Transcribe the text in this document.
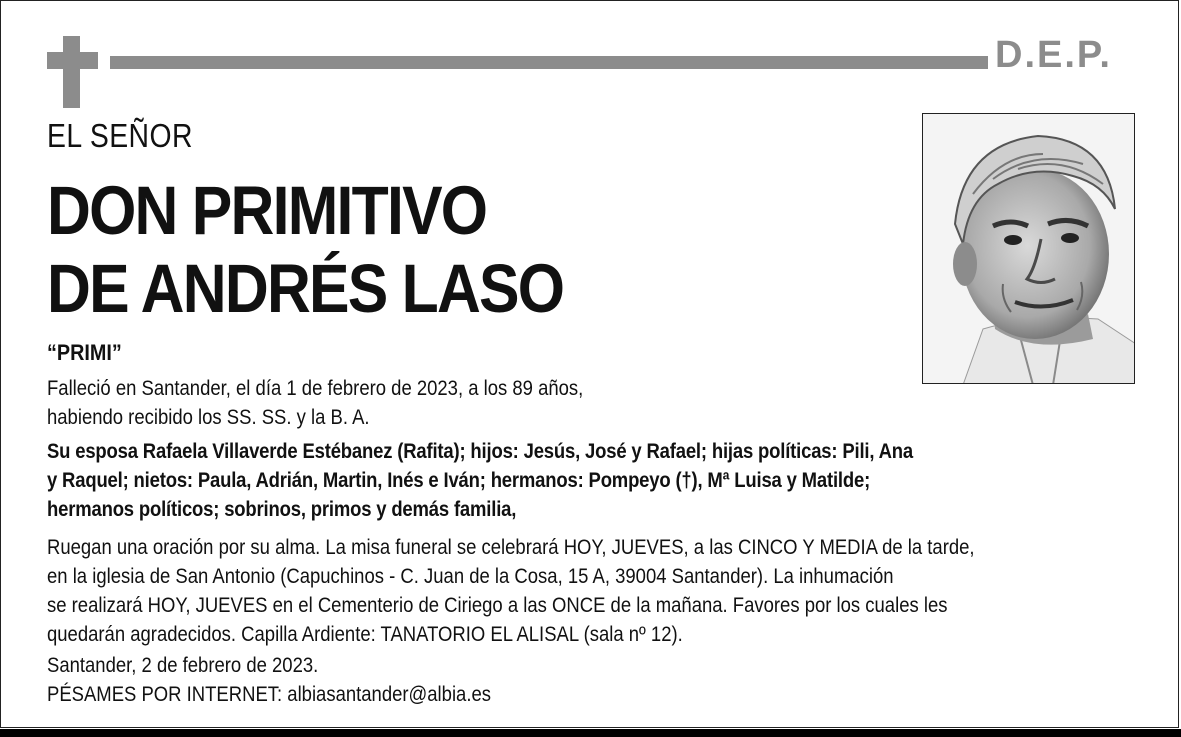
D.E.P.
EL SEÑOR
DON PRIMITIVO
DE ANDRÉS LASO
“PRIMI”
Falleció en Santander, el día 1 de febrero de 2023, a los 89 años,
habiendo recibido los SS. SS. y la B. A.
Su esposa Rafaela Villaverde Estébanez (Rafita); hijos: Jesús, José y Rafael; hijas políticas: Pili, Ana
y Raquel; nietos: Paula, Adrián, Martin, Inés e Iván; hermanos: Pompeyo (†), Mª Luisa y Matilde;
hermanos políticos; sobrinos, primos y demás familia,
Ruegan una oración por su alma. La misa funeral se celebrará HOY, JUEVES, a las CINCO Y MEDIA de la tarde,
en la iglesia de San Antonio (Capuchinos - C. Juan de la Cosa, 15 A, 39004 Santander). La inhumación
se realizará HOY, JUEVES en el Cementerio de Ciriego a las ONCE de la mañana. Favores por los cuales les
quedarán agradecidos. Capilla Ardiente: TANATORIO EL ALISAL (sala nº 12).
Santander, 2 de febrero de 2023.
PÉSAMES POR INTERNET: albiasantander@albia.es
